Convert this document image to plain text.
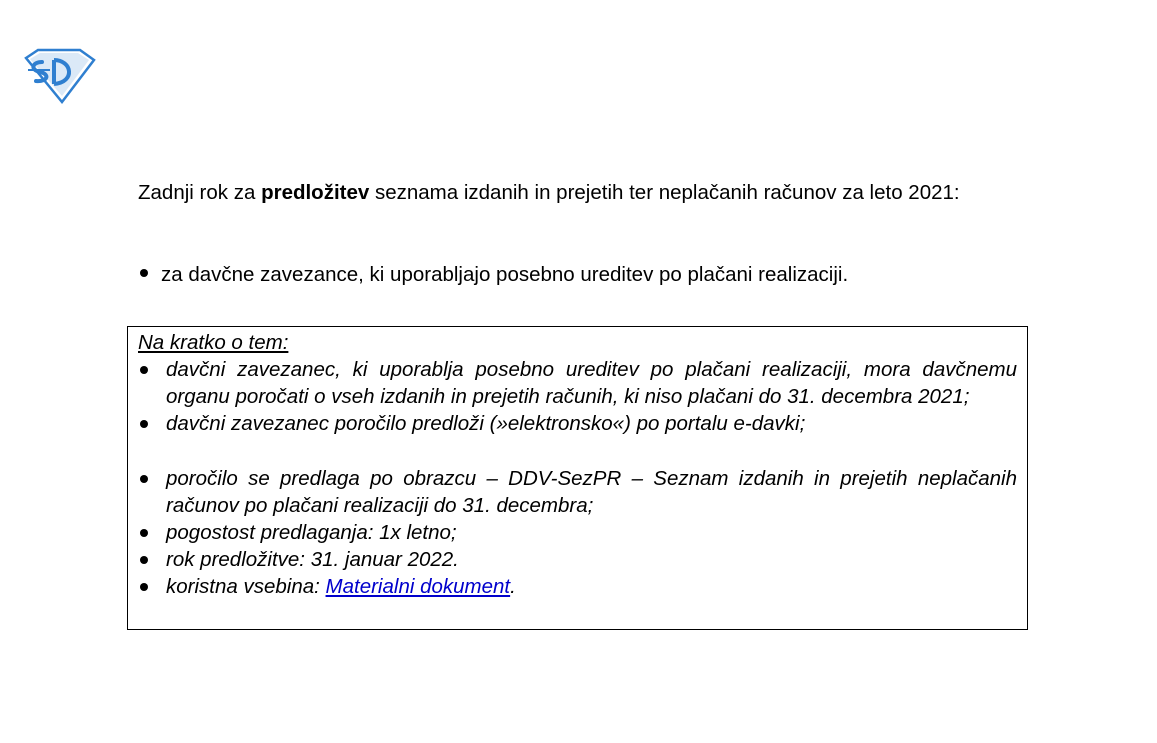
Zadnji rok za predložitev seznama izdanih in prejetih ter neplačanih računov za leto 2021:
za davčne zavezance, ki uporabljajo posebno ureditev po plačani realizaciji.
Na kratko o tem:
davčni zavezanec, ki uporablja posebno ureditev po plačani realizaciji, mora davčnemu organu poročati o vseh izdanih in prejetih računih, ki niso plačani do 31. decembra 2021;
davčni zavezanec poročilo predloži (»elektronsko«) po portalu e-davki;
poročilo se predlaga po obrazcu – DDV-SezPR – Seznam izdanih in prejetih neplačanih računov po plačani realizaciji do 31. decembra;
pogostost predlaganja: 1x letno;
rok predložitve: 31. januar 2022.
koristna vsebina: Materialni dokument.
